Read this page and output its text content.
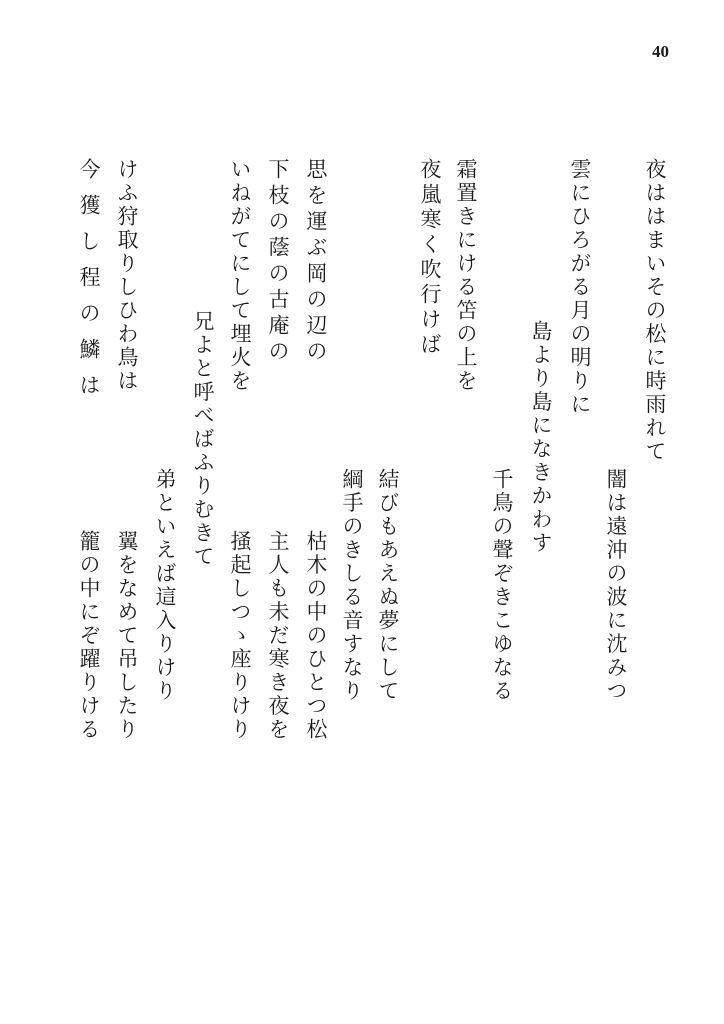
40
夜ははまいその松に時雨れて
闇は遠沖の波に沈みつ
雲にひろがる月の明りに
島より島になきかわす
千鳥の聲ぞきこゆなる
霜置きにける笘の上を
夜嵐寒く吹行けば
結びもあえぬ夢にして
綱手のきしる音すなり
思を運ぶ岡の辺の
枯木の中のひとつ松
下枝の蔭の古庵の
主人も未だ寒き夜を
いねがてにして埋火を
掻起しつゝ座りけり
兄よと呼べばふりむきて
弟といえば這入りけり
けふ狩取りしひわ鳥は
翼をなめて吊したり
今獲し程の鱗は
籠の中にぞ躍りける
